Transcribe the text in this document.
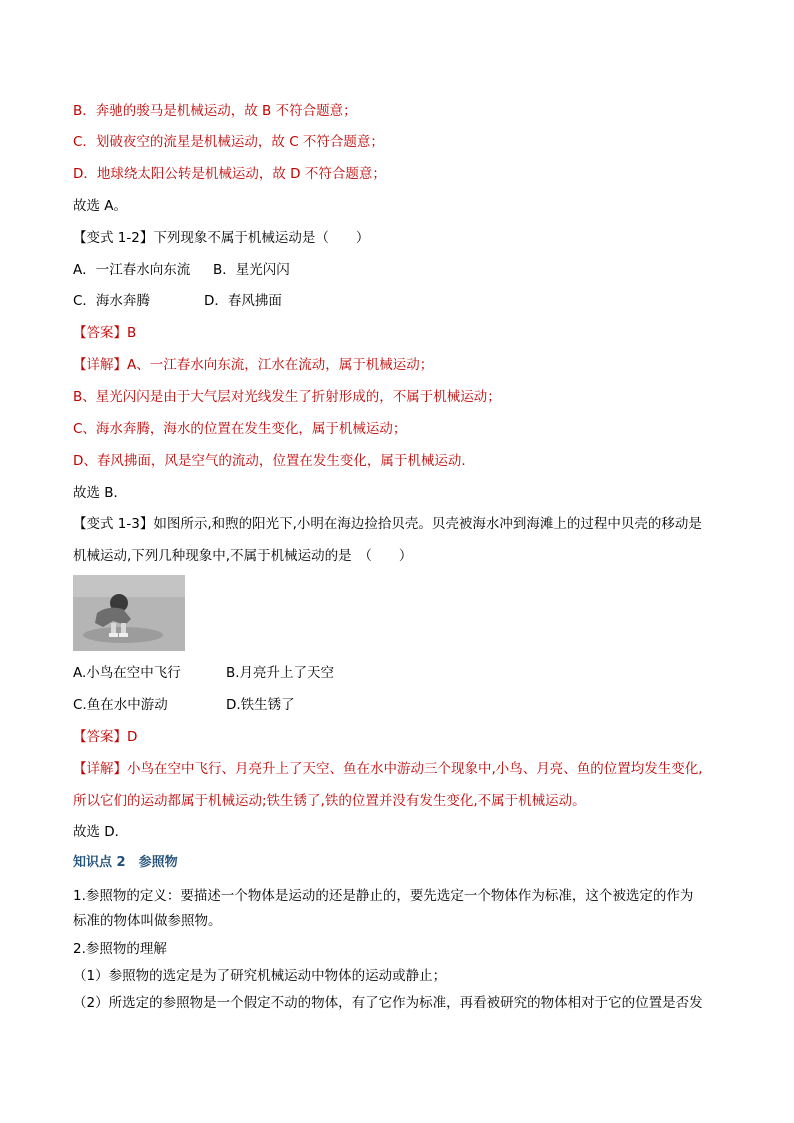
B．奔驰的骏马是机械运动，故 B 不符合题意；
C．划破夜空的流星是机械运动，故 C 不符合题意；
D．地球绕太阳公转是机械运动，故 D 不符合题意；
故选 A。
【变式 1-2】下列现象不属于机械运动是（　　）
A．一江春水向东流 B．星光闪闪
C．海水奔腾	D．春风拂面
【答案】B
【详解】A、一江春水向东流，江水在流动，属于机械运动；
B、星光闪闪是由于大气层对光线发生了折射形成的，不属于机械运动；
C、海水奔腾，海水的位置在发生变化，属于机械运动；
D、春风拂面，风是空气的流动，位置在发生变化，属于机械运动．
故选 B．
【变式 1-3】如图所示,和煦的阳光下,小明在海边捡拾贝壳。贝壳被海水冲到海滩上的过程中贝壳的移动是
机械运动,下列几种现象中,不属于机械运动的是　（　　）
A.小鸟在空中飞行	B.月亮升上了天空
C.鱼在水中游动	D.铁生锈了
【答案】D
【详解】小鸟在空中飞行、月亮升上了天空、鱼在水中游动三个现象中,小鸟、月亮、鱼的位置均发生变化,
所以它们的运动都属于机械运动;铁生锈了,铁的位置并没有发生变化,不属于机械运动。
故选 D．
知识点 2　参照物
1.参照物的定义：要描述一个物体是运动的还是静止的，要先选定一个物体作为标准，这个被选定的作为
标准的物体叫做参照物。
2.参照物的理解
（1）参照物的选定是为了研究机械运动中物体的运动或静止；
（2）所选定的参照物是一个假定不动的物体，有了它作为标准，再看被研究的物体相对于它的位置是否发
